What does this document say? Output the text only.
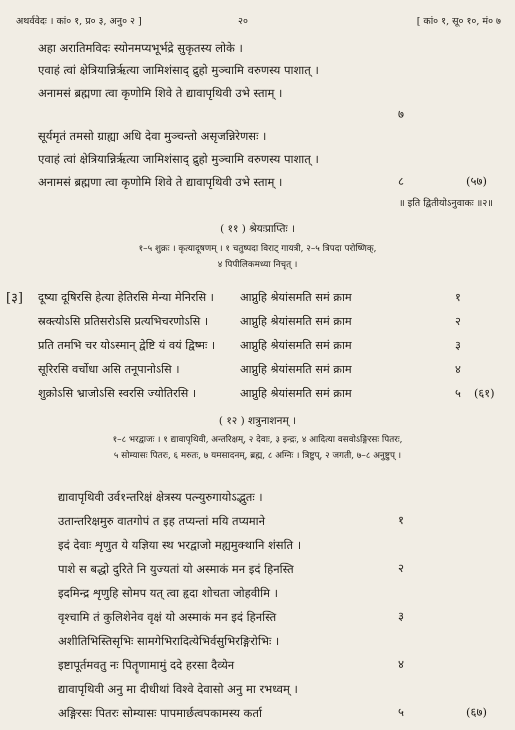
अथर्ववेदः । कां० १, प्र० ३, अनु० २ ]	२०	[ कां० १, सू० १०, मं० ७
अहा अरातिमविदः स्योनमप्यभूर्भद्रे सुकृतस्य लोके ।
एवाहं त्वां क्षेत्रियान्निर्ऋत्या जामिशंसाद् द्रुहो मुञ्चामि वरुणस्य पाशात् ।
अनामसं ब्रह्मणा त्वा कृणोमि शिवे ते द्यावापृथिवी उभे स्ताम् ।
७
सूर्यमृतं तमसो ग्राह्या अधि देवा मुञ्चन्तो असृजन्निरेणसः ।
एवाहं त्वां क्षेत्रियान्निर्ऋत्या जामिशंसाद् द्रुहो मुञ्चामि वरुणस्य पाशात् ।
अनामसं ब्रह्मणा त्वा कृणोमि शिवे ते द्यावापृथिवी उभे स्ताम् ।	८	(५७)
॥ इति द्वितीयोऽनुवाकः ॥२॥
( ११ ) श्रेयःप्राप्तिः ।
१–५ शुक्रः । कृत्यादूषणम् । १ चतुष्पदा विराट् गायत्री, २–५ त्रिपदा परोष्णिक्,
४ पिपीलिकमध्या निचृत् ।
[३] दूष्या दूषिरसि हेत्या हेतिरसि मेन्या मेनिरसि । आप्नुहि श्रेयांसमति समं क्राम	१
स्रक्त्योऽसि प्रतिसरोऽसि प्रत्यभिचरणोऽसि ।	आप्नुहि श्रेयांसमति समं क्राम	२
प्रति तमभि चर योऽस्मान् द्वेष्टि यं वयं द्विष्मः । आप्नुहि श्रेयांसमति समं क्राम	३
सूरिरसि वर्चोधा असि तनूपानोऽसि ।	आप्नुहि श्रेयांसमति समं क्राम	४
शुक्रोऽसि भ्राजोऽसि स्वरसि ज्योतिरसि ।	आप्नुहि श्रेयांसमति समं क्राम	५ (६१)
( १२ ) शत्रुनाशनम् ।
१–८ भरद्वाजः । १ द्यावापृथिवी, अन्तरिक्षम्, २ देवाः, ३ इन्द्रः, ४ आदित्या वसवोऽङ्गिरसः पितरः,
५ सोम्यासः पितरः, ६ मरुतः, ७ यमसादनम्, ब्रह्म, ८ अग्निः । त्रिष्टुप्, २ जगती, ७–८ अनुष्टुप् ।
द्यावापृथिवी उर्व१न्तरिक्षं क्षेत्रस्य पत्न्युरुगायोऽद्भुतः ।
उतान्तरिक्षमुरु वातगोपं त इह तप्यन्तां मयि तप्यमाने	१
इदं देवाः शृणुत ये यज्ञिया स्थ भरद्वाजो मह्यमुक्थानि शंसति ।
पाशे स बद्धो दुरिते नि युज्यतां यो अस्माकं मन इदं हिनस्ति	२
इदमिन्द्र शृणुहि सोमप यत् त्वा हृदा शोचता जोहवीमि ।
वृश्चामि तं कुलिशेनेव वृक्षं यो अस्माकं मन इदं हिनस्ति	३
अशीतिभिस्तिसृभिः सामगेभिरादित्येभिर्वसुभिरङ्गिरोभिः ।
इष्टापूर्तमवतु नः पितॄणामामुं ददे हरसा दैव्येन	४
द्यावापृथिवी अनु मा दीधीथां विश्वे देवासो अनु मा रभध्वम् ।
अङ्गिरसः पितरः सोम्यासः पापमार्छत्वपकामस्य कर्ता	५	(६७)
